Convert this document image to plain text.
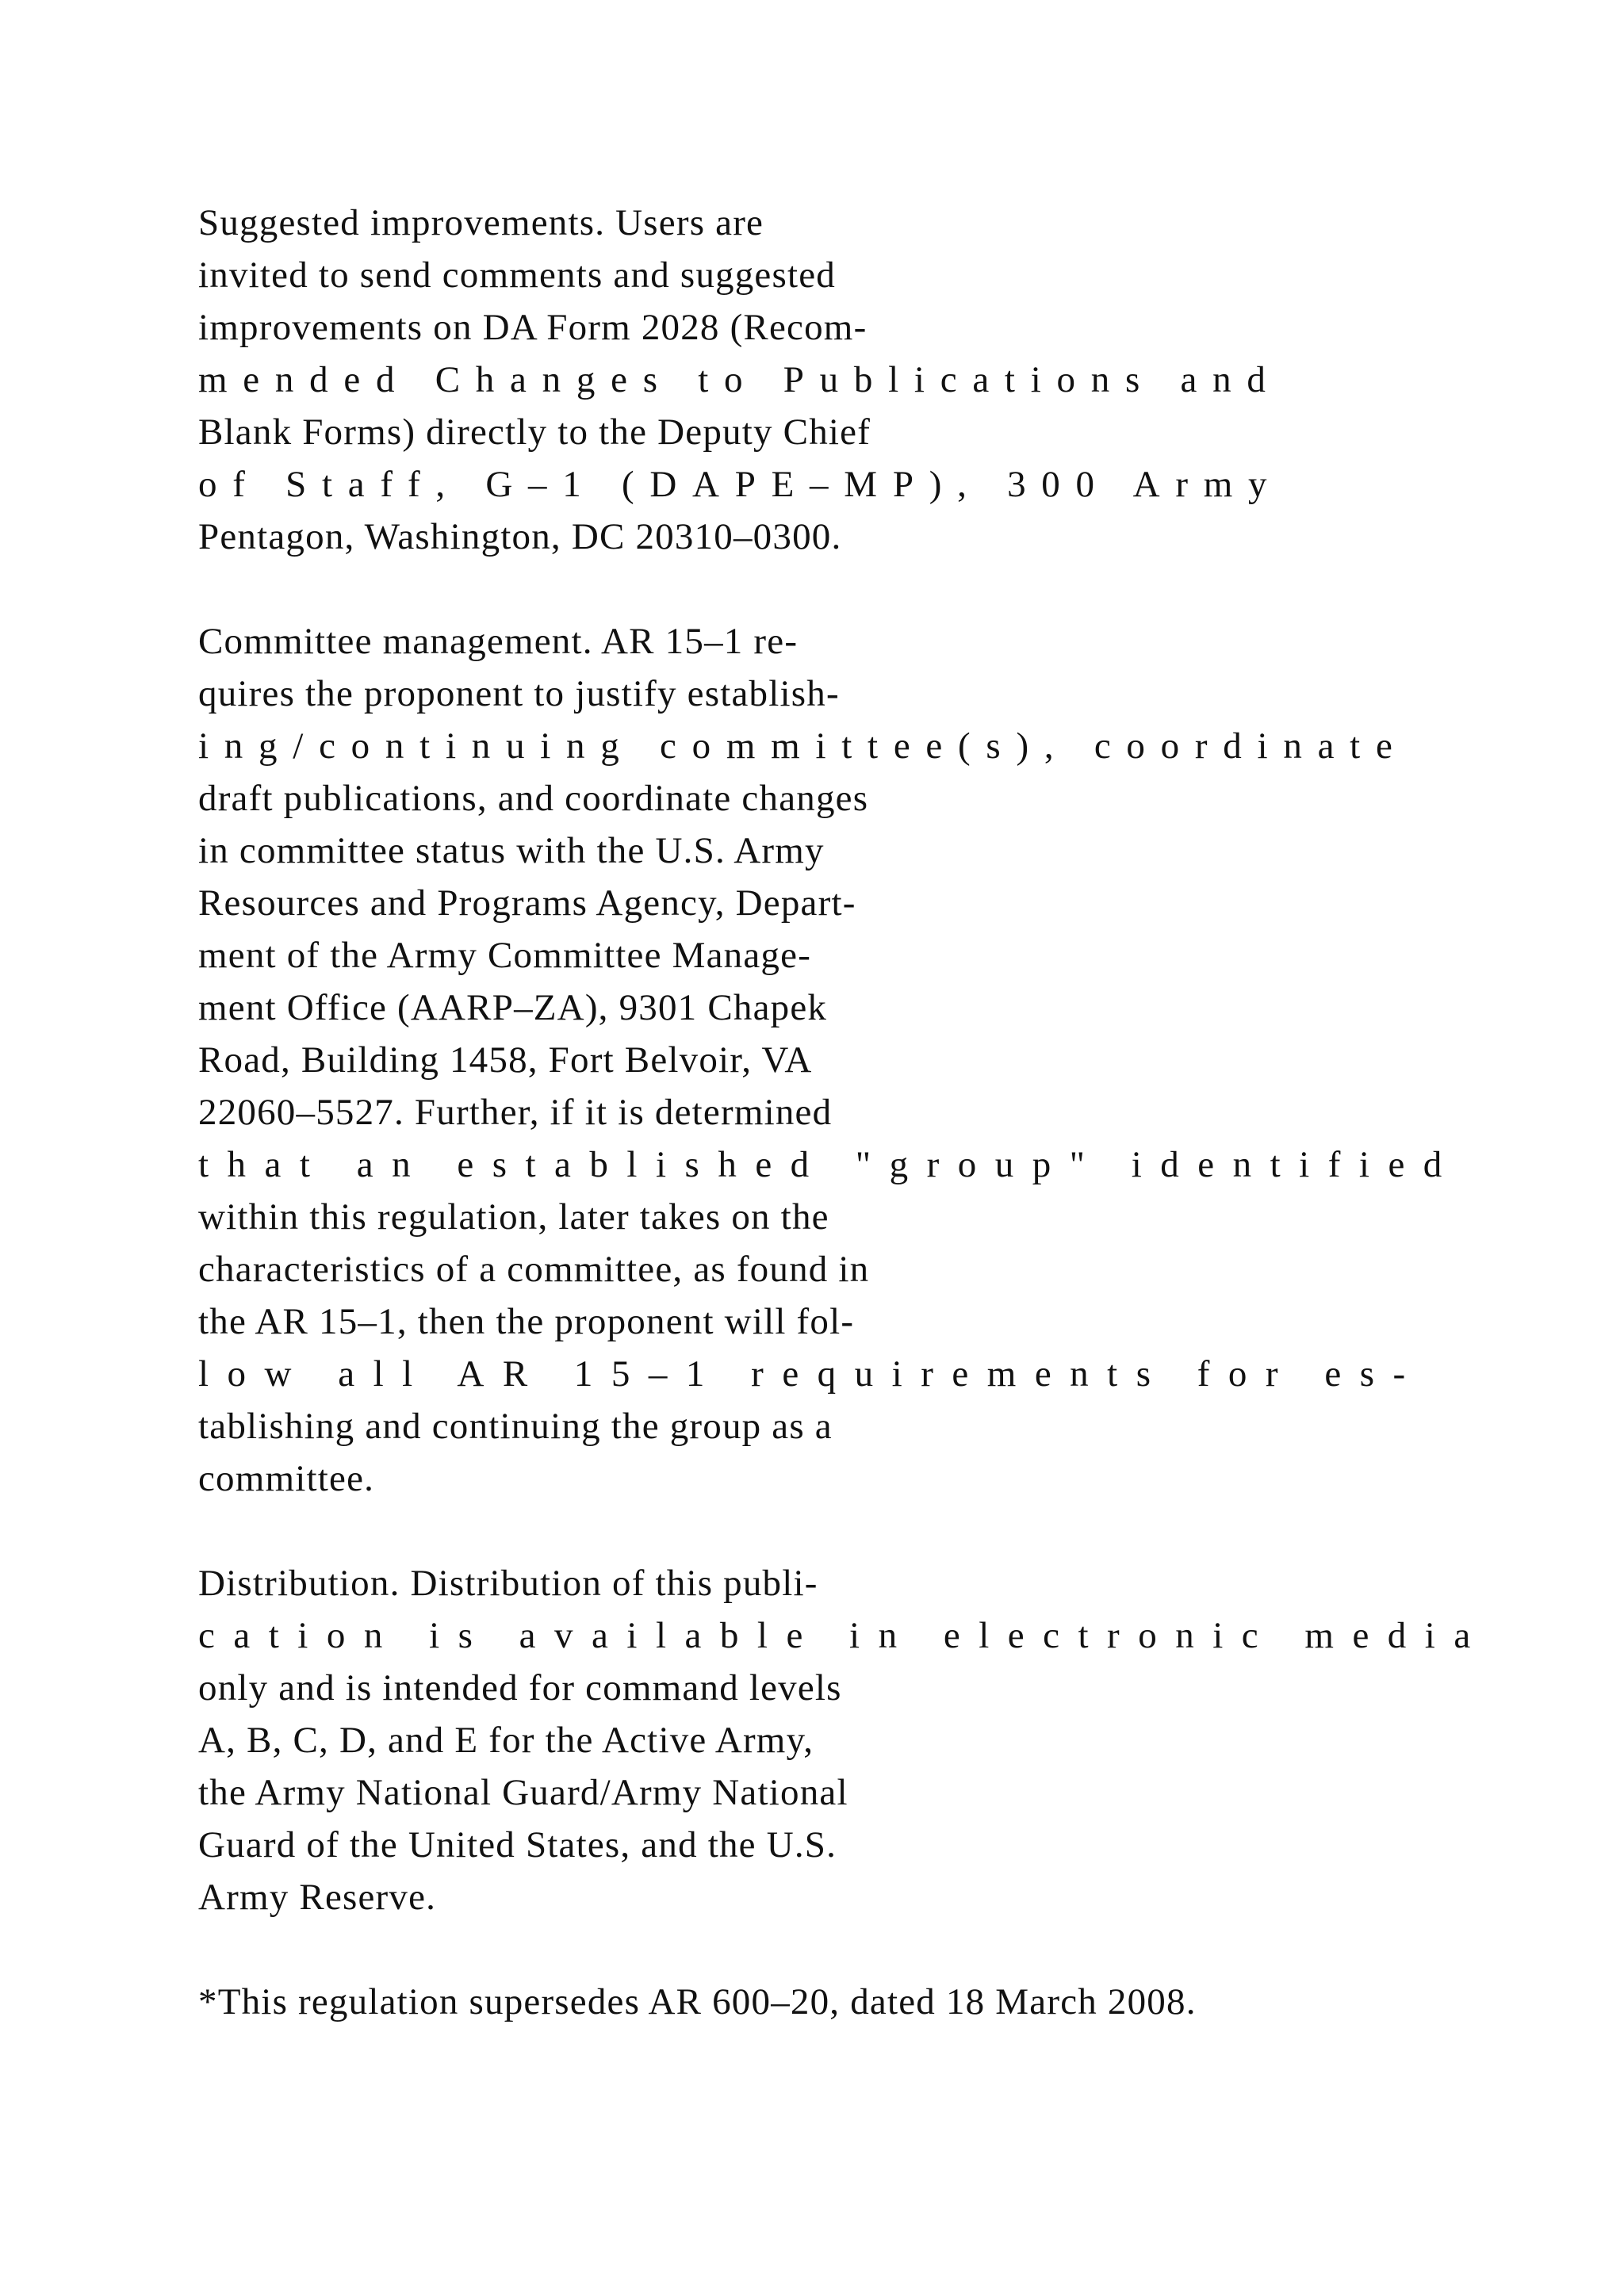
Suggested improvements. Users are
invited to send comments and suggested
improvements on DA Form 2028 (Recom-
mended Changes to Publications and
Blank Forms) directly to the Deputy Chief
of Staff, G–1 (DAPE–MP), 300 Army
Pentagon, Washington, DC 20310–0300.
Committee management. AR 15–1 re-
quires the proponent to justify establish-
ing/continuing committee(s), coordinate
draft publications, and coordinate changes
in committee status with the U.S. Army
Resources and Programs Agency, Depart-
ment of the Army Committee Manage-
ment Office (AARP–ZA), 9301 Chapek
Road, Building 1458, Fort Belvoir, VA
22060–5527. Further, if it is determined
that an established "group" identified
within this regulation, later takes on the
characteristics of a committee, as found in
the AR 15–1, then the proponent will fol-
low all AR 15–1 requirements for es-
tablishing and continuing the group as a
committee.
Distribution. Distribution of this publi-
cation is available in electronic media
only and is intended for command levels
A, B, C, D, and E for the Active Army,
the Army National Guard/Army National
Guard of the United States, and the U.S.
Army Reserve.
*This regulation supersedes AR 600–20, dated 18 March 2008.
